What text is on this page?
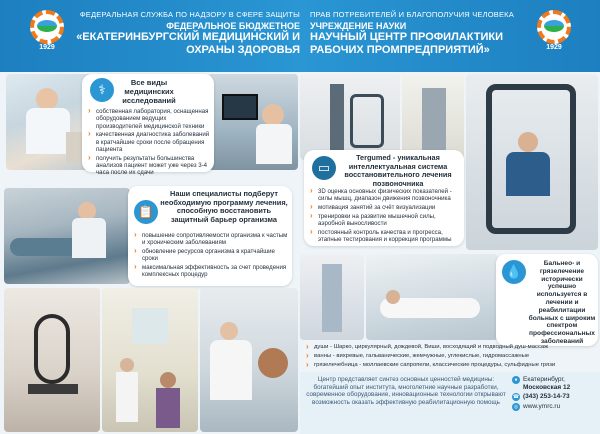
1929
ФЕДЕРАЛЬНАЯ СЛУЖБА ПО НАДЗОРУ В СФЕРЕ ЗАЩИТЫ
ФЕДЕРАЛЬНОЕ БЮДЖЕТНОЕ
«ЕКАТЕРИНБУРГСКИЙ МЕДИЦИНСКИЙ И ОХРАНЫ ЗДОРОВЬЯ
ПРАВ ПОТРЕБИТЕЛЕЙ И БЛАГОПОЛУЧИЯ ЧЕЛОВЕКА
УЧРЕЖДЕНИЕ НАУКИ
НАУЧНЫЙ ЦЕНТР ПРОФИЛАКТИКИ РАБОЧИХ ПРОМПРЕДПРИЯТИЙ»	1929
⚕	Все виды медицинских исследований
› собственная лаборатория, оснащенная оборудованием ведущих производителей медицинской техники
› качественная диагностика заболеваний в кратчайшие сроки после обращения пациента
› получить результаты большинства анализов пациент может уже через 3-4 часа после их сдачи
📋
Наши специалисты подберут необходимую программу лечения, способную восстановить защитный барьер организма
› повышение сопротивляемости организма к частым и хроническим заболеваниям
› обновление ресурсов организма в кратчайшие сроки
› максимальная эффективность за счет проведения комплексных процедур
▭
Tergumed - уникальная интеллектуальная система восстановительного лечения позвоночника
› 3D оценка основных физических показателей - силы мышц, диапазон движения позвоночника
› мотивация занятий за счёт визуализации
› тренировки на развитие мышечной силы, аэробной выносливости
› постоянный контроль качества и прогресса, этапные тестирования и коррекция программы
💧
Бальнео- и грязелечение исторически успешно используется в лечении и реабилитации больных с широким спектром профессиональных заболеваний
› души - Шарко, циркулярный, дождевой, Виши, восходящий и подводный душ-массаж
› ванны - вихревые, гальванические, жемчужные, углекислые, гидромассажные
› грязелечебница - моллаевские сапропели, классические процедуры, сульфидные грязи
Центр представляет синтез основных ценностей медицины: богатейший опыт института, многолетние научные разработки, современное оборудование, инновационные технологии открывают возможность оказать эффективную реабилитационную помощь
● Екатеринбург,
Московская 12
☎ (343) 253-14-73
◎ www.ymrc.ru
